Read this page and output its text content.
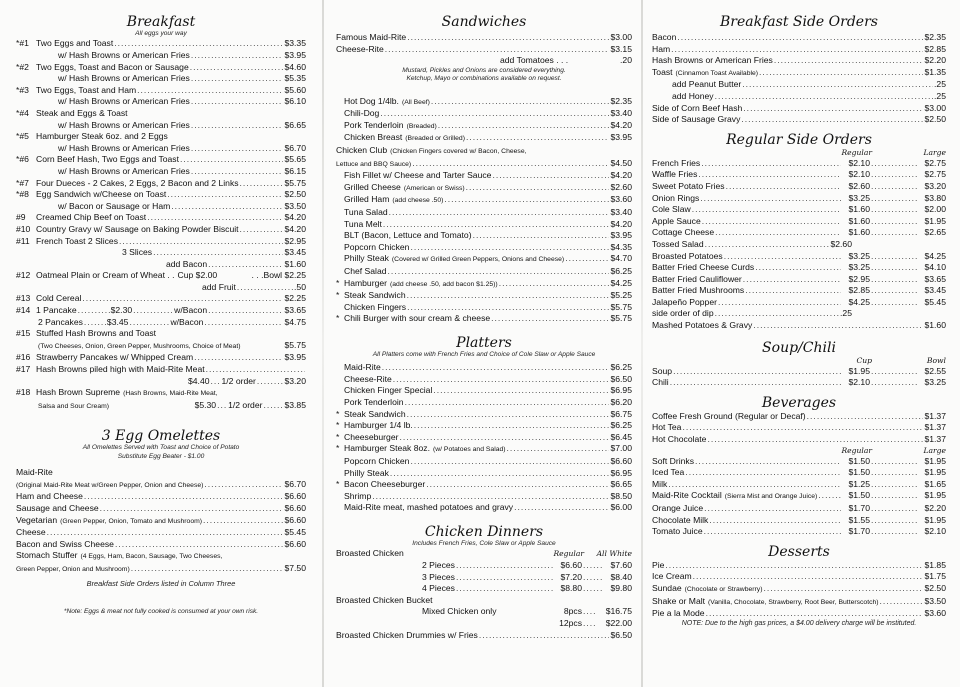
Breakfast
All eggs your way
*#1 Two Eggs and Toast .....	$3.35
w/ Hash Browns or American Fries .....	$3.95
*#2 Two Eggs, Toast and Bacon or Sausage .....	$4.60
w/ Hash Browns or American Fries .....	$5.35
*#3 Two Eggs, Toast and Ham .....	$5.60
w/ Hash Browns or American Fries .....	$6.10
*#4 Steak and Eggs & Toast
w/ Hash Browns or American Fries .....	$6.65
*#5 Hamburger Steak 6oz. and 2 Eggs
w/ Hash Browns or American Fries .....	$6.70
*#6 Corn Beef Hash, Two Eggs and Toast .....	$5.65
w/ Hash Browns or American Fries .....	$6.15
*#7 Four Dueces - 2 Cakes, 2 Eggs, 2 Bacon and 2 Links .....	$5.75
*#8 Egg Sandwich w/Cheese on Toast .....	$2.50
w/ Bacon or Sausage or Ham .....	$3.50
#9	Creamed Chip Beef on Toast .....	$4.20
#10 Country Gravy w/ Sausage on Baking Powder Biscuit .....	$4.20
#11 French Toast 2 Slices .....	$2.95
3 Slices .....	$3.45
add Bacon .....	$1.60
#12 Oatmeal Plain or Cream of Wheat . . Cup $2.00	. . .Bowl $2.25
add Fruit .....	.50
#13 Cold Cereal .....	$2.25
#14 1 Pancake .....	$2.30 .....	w/Bacon .....	$3.65
2 Pancakes .....	$3.45 .....	w/Bacon .....	$4.75
#15 Stuffed Hash Browns and Toast
(Two Cheeses, Onion, Green Pepper, Mushrooms, Choice of Meat)	$5.75
#16 Strawberry Pancakes w/ Whipped Cream .....	$3.95
#17 Hash Browns piled high with Maid-Rite Meat
.....
$4.40 ..... 1/2 order .....	$3.20
#18 Hash Brown Supreme (Hash Browns, Maid-Rite Meat,
Salsa and Sour Cream)	$5.30 ..... 1/2 order .....	$3.85
3 Egg Omelettes
All Omelettes Served with Toast and Choice of Potato
Substitute Egg Beater - $1.00
Maid-Rite
(Original Maid-Rite Meat w/Green Pepper, Onion and Cheese) .....	$6.70
Ham and Cheese .....	$6.60
Sausage and Cheese .....	$6.60
Vegetarian (Green Pepper, Onion, Tomato and Mushroom) .....	$6.60
Cheese .....	$5.45
Bacon and Swiss Cheese .....	$6.60
Stomach Stuffer (4 Eggs, Ham, Bacon, Sausage, Two Cheeses,
Green Pepper, Onion and Mushroom) .....	$7.50
Breakfast Side Orders listed in Column Three
*Note: Eggs & meat not fully cooked is consumed at your own risk.
Sandwiches
Famous Maid-Rite .....	$3.00
Cheese-Rite .....	$3.15
add Tomatoes . . .	.20
Mustard, Pickles and Onions are considered everything.
Ketchup, Mayo or combinations available on request.
Hot Dog 1/4lb. (All Beef) .....	$2.35
Chili-Dog .....	$3.40
Pork Tenderloin (Breaded) .....	$4.20
Chicken Breast (Breaded or Grilled) .....	$3.95
Chicken Club (Chicken Fingers covered w/ Bacon, Cheese,
Lettuce and BBQ Sauce) .....	$4.50
Fish Fillet w/ Cheese and Tarter Sauce .....	$4.20
Grilled Cheese (American or Swiss) .....	$2.60
Grilled Ham (add cheese .50) .....	$3.60
Tuna Salad .....	$3.40
Tuna Melt .....	$4.20
BLT (Bacon, Lettuce and Tomato) .....	$3.95
Popcorn Chicken .....	$4.35
Philly Steak (Covered w/ Grilled Green Peppers, Onions and Cheese) .....	$4.70
Chef Salad .....	$6.25
* Hamburger (add cheese .50, add bacon $1.25)) .....	$4.25
* Steak Sandwich .....	$5.25
Chicken Fingers .....	$5.75
* Chili Burger with sour cream & cheese .....	$5.75
Platters
All Platters come with French Fries and Choice of Cole Slaw or Apple Sauce
Maid-Rite .....	$6.25
Cheese-Rite .....	$6.50
Chicken Finger Special .....	$6.95
Pork Tenderloin .....	$6.20
* Steak Sandwich .....	$6.75
* Hamburger 1/4 lb. .....	$6.25
* Cheeseburger .....	$6.45
* Hamburger Steak 8oz. (w/ Potatoes and Salad) .....	$7.00
Popcorn Chicken .....	$6.60
Philly Steak .....	$6.95
* Bacon Cheeseburger .....	$6.65
Shrimp .....	$8.50
Maid-Rite meat, mashed potatoes and gravy .....	$6.00
Chicken Dinners
Includes French Fries, Cole Slaw or Apple Sauce
Broasted Chicken	Regular	All White
2 Pieces .....	$6.60 .....	$7.60
3 Pieces .....	$7.20 .....	$8.40
4 Pieces .....	$8.80 .....	$9.80
Broasted Chicken Bucket
Mixed Chicken only	8pcs .....	$16.75
12pcs .....	$22.00
Broasted Chicken Drummies w/ Fries .....	$6.50
Breakfast Side Orders
Bacon .....	$2.35
Ham .....	$2.85
Hash Browns or American Fries .....	$2.20
Toast (Cinnamon Toast Available) .....	$1.35
add Peanut Butter .....	.25
add Honey .....	.25
Side of Corn Beef Hash .....	$3.00
Side of Sausage Gravy .....	$2.50
Regular Side Orders
Regular	Large
French Fries .....	$2.10 .....	$2.75
Waffle Fries .....	$2.10 .....	$2.75
Sweet Potato Fries .....	$2.60 .....	$3.20
Onion Rings .....	$3.25 .....	$3.80
Cole Slaw .....	$1.60 .....	$2.00
Apple Sauce .....	$1.60 .....	$1.95
Cottage Cheese .....	$1.60 .....	$2.65
Tossed Salad .....	$2.60
Broasted Potatoes .....	$3.25 .....	$4.25
Batter Fried Cheese Curds .....	$3.25 .....	$4.10
Batter Fried Cauliflower .....	$2.95 .....	$3.65
Batter Fried Mushrooms .....	$2.85 .....	$3.45
Jalapeño Popper .....	$4.25 .....	$5.45
side order of dip .....	.25
Mashed Potatoes & Gravy .....	$1.60
Soup/Chili
Cup	Bowl
Soup .....	$1.95 .....	$2.55
Chili .....	$2.10 .....	$3.25
Beverages
Coffee Fresh Ground (Regular or Decaf) .....	$1.37
Hot Tea .....	$1.37
Hot Chocolate .....	$1.37
Regular	Large
Soft Drinks .....	$1.50 .....	$1.95
Iced Tea .....	$1.50 .....	$1.95
Milk .....	$1.25 .....	$1.65
Maid-Rite Cocktail (Sierra Mist and Orange Juice) .....	$1.50 .....	$1.95
Orange Juice .....	$1.70 .....	$2.20
Chocolate Milk .....	$1.55 .....	$1.95
Tomato Juice .....	$1.70 .....	$2.10
Desserts
Pie .....	$1.85
Ice Cream .....	$1.75
Sundae (Chocolate or Strawberry) .....	$2.50
Shake or Malt (Vanilla, Chocolate, Strawberry, Root Beer, Butterscotch) .....	$3.50
Pie a la Mode .....	$3.60
NOTE: Due to the high gas prices, a $4.00 delivery charge will be instituted.
